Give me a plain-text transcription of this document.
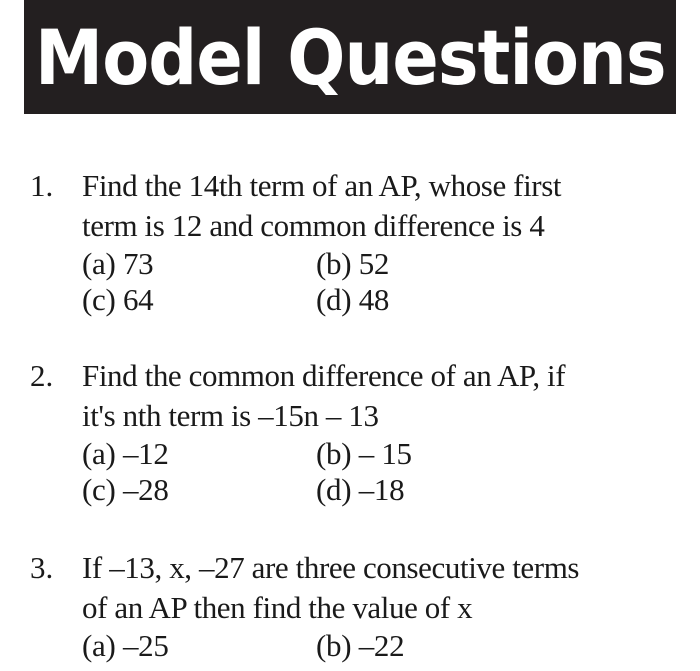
Model Questions
1. Find the 14th term of an AP, whose first
term is 12 and common difference is 4
(a) 73	(b) 52
(c) 64	(d) 48
2. Find the common difference of an AP, if
it's nth term is –15n – 13
(a) –12	(b) – 15
(c) –28	(d) –18
3. If –13, x, –27 are three consecutive terms
of an AP then find the value of x
(a) –25	(b) –22
